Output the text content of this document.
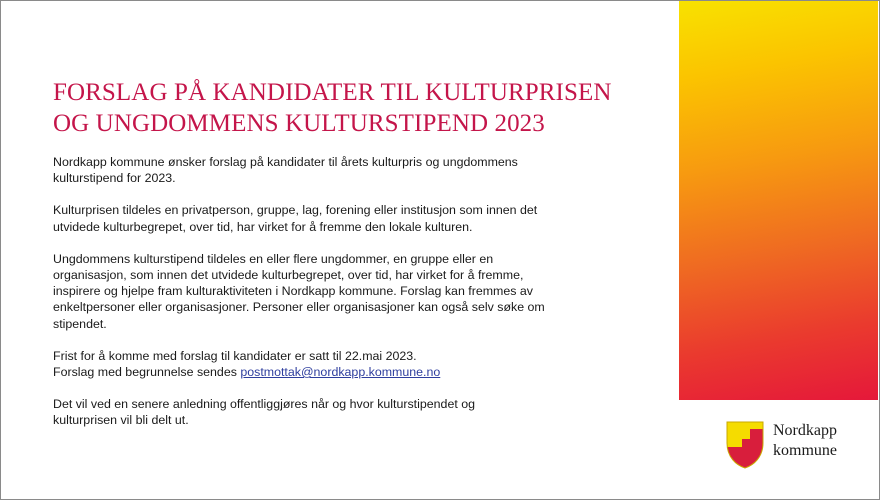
FORSLAG PÅ KANDIDATER TIL KULTURPRISEN
OG UNGDOMMENS KULTURSTIPEND 2023

Nordkapp kommune ønsker forslag på kandidater til årets kulturpris og ungdommens
kulturstipend for 2023.

Kulturprisen tildeles en privatperson, gruppe, lag, forening eller institusjon som innen det
utvidede kulturbegrepet, over tid, har virket for å fremme den lokale kulturen.

Ungdommens kulturstipend tildeles en eller flere ungdommer, en gruppe eller en
organisasjon, som innen det utvidede kulturbegrepet, over tid, har virket for å fremme,
inspirere og hjelpe fram kulturaktiviteten i Nordkapp kommune. Forslag kan fremmes av
enkeltpersoner eller organisasjoner. Personer eller organisasjoner kan også selv søke om
stipendet.

Frist for å komme med forslag til kandidater er satt til 22.mai 2023.
Forslag med begrunnelse sendes postmottak@nordkapp.kommune.no

Det vil ved en senere anledning offentliggjøres når og hvor kulturstipendet og
kulturprisen vil bli delt ut.

Nordkapp
kommune
